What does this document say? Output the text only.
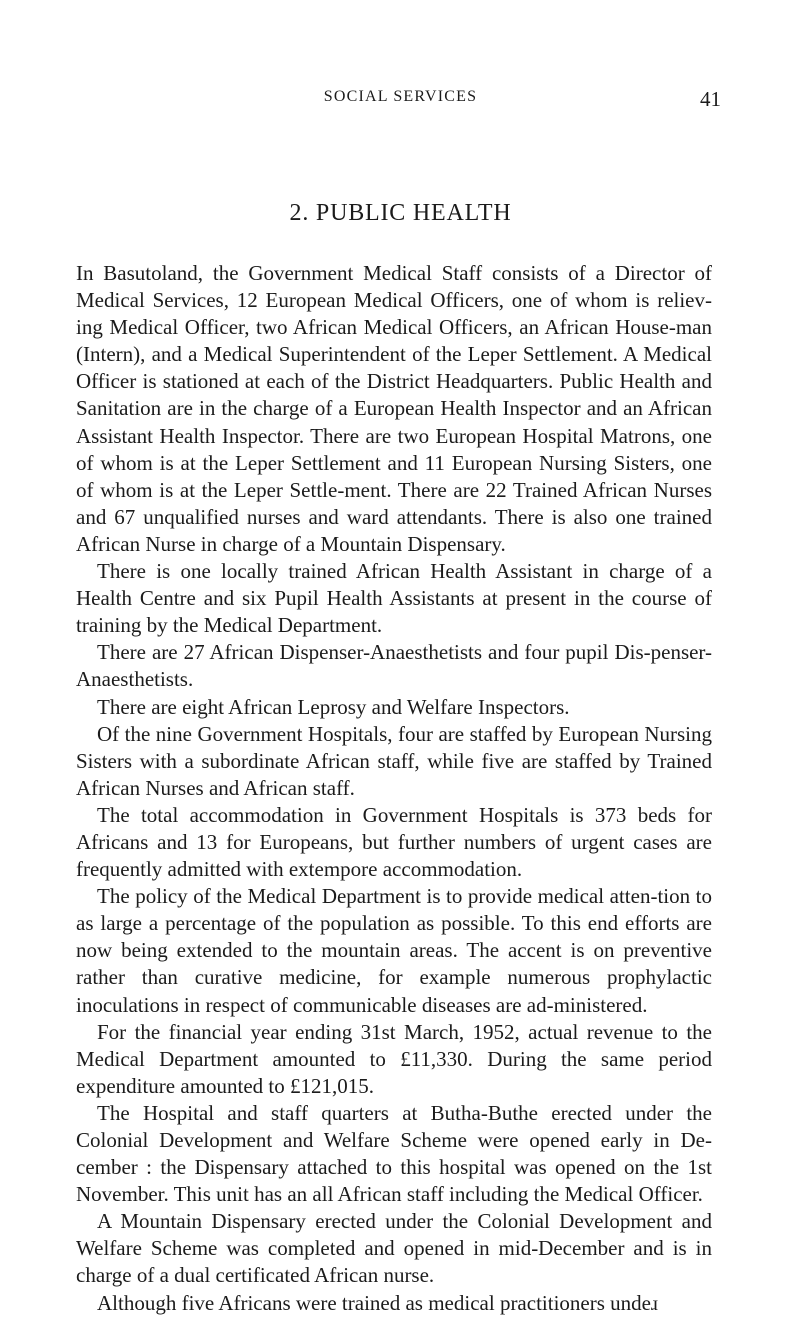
SOCIAL SERVICES	41
2. PUBLIC HEALTH

In Basutoland, the Government Medical Staff consists of a Director of Medical Services, 12 European Medical Officers, one of whom is reliev-ing Medical Officer, two African Medical Officers, an African House-man (Intern), and a Medical Superintendent of the Leper Settlement. A Medical Officer is stationed at each of the District Headquarters. Public Health and Sanitation are in the charge of a European Health Inspector and an African Assistant Health Inspector. There are two European Hospital Matrons, one of whom is at the Leper Settlement and 11 European Nursing Sisters, one of whom is at the Leper Settle-ment. There are 22 Trained African Nurses and 67 unqualified nurses and ward attendants. There is also one trained African Nurse in charge of a Mountain Dispensary.

There is one locally trained African Health Assistant in charge of a Health Centre and six Pupil Health Assistants at present in the course of training by the Medical Department.

There are 27 African Dispenser-Anaesthetists and four pupil Dis-penser-Anaesthetists.

There are eight African Leprosy and Welfare Inspectors.

Of the nine Government Hospitals, four are staffed by European Nursing Sisters with a subordinate African staff, while five are staffed by Trained African Nurses and African staff.

The total accommodation in Government Hospitals is 373 beds for Africans and 13 for Europeans, but further numbers of urgent cases are frequently admitted with extempore accommodation.

The policy of the Medical Department is to provide medical atten-tion to as large a percentage of the population as possible. To this end efforts are now being extended to the mountain areas. The accent is on preventive rather than curative medicine, for example numerous prophylactic inoculations in respect of communicable diseases are ad-ministered.

For the financial year ending 31st March, 1952, actual revenue to the Medical Department amounted to £11,330. During the same period expenditure amounted to £121,015.

The Hospital and staff quarters at Butha-Buthe erected under the Colonial Development and Welfare Scheme were opened early in De-cember : the Dispensary attached to this hospital was opened on the 1st November. This unit has an all African staff including the Medical Officer.

A Mountain Dispensary erected under the Colonial Development and Welfare Scheme was completed and opened in mid-December and is in charge of a dual certificated African nurse.

Although five Africans were trained as medical practitioners undeɹ
